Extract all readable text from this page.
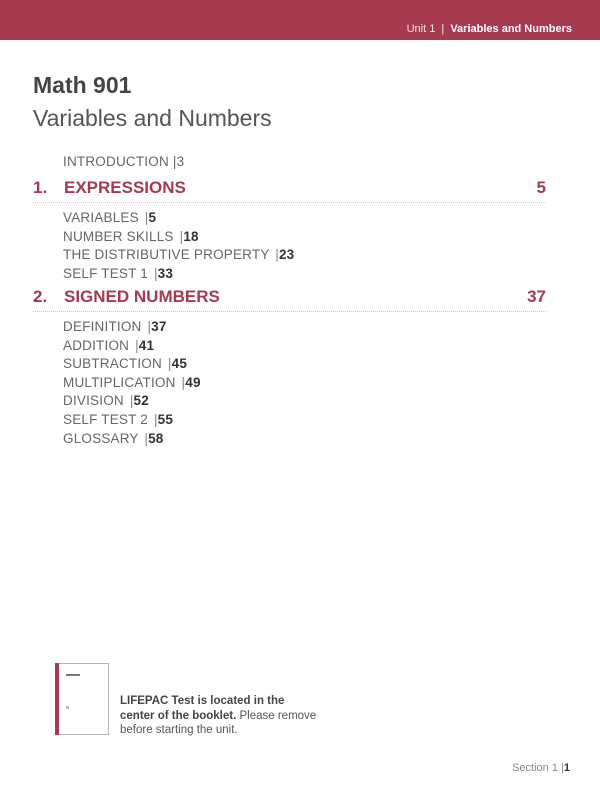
Unit 1 | Variables and Numbers
Math 901
Variables and Numbers
INTRODUCTION |3
1. EXPRESSIONS	5
VARIABLES |5
NUMBER SKILLS |18
THE DISTRIBUTIVE PROPERTY |23
SELF TEST 1 |33
2. SIGNED NUMBERS	37
DEFINITION |37
ADDITION |41
SUBTRACTION |45
MULTIPLICATION |49
DIVISION |52
SELF TEST 2 |55
GLOSSARY |58
LIFEPAC Test is located in the center of the booklet. Please remove before starting the unit.
Section 1 |1
